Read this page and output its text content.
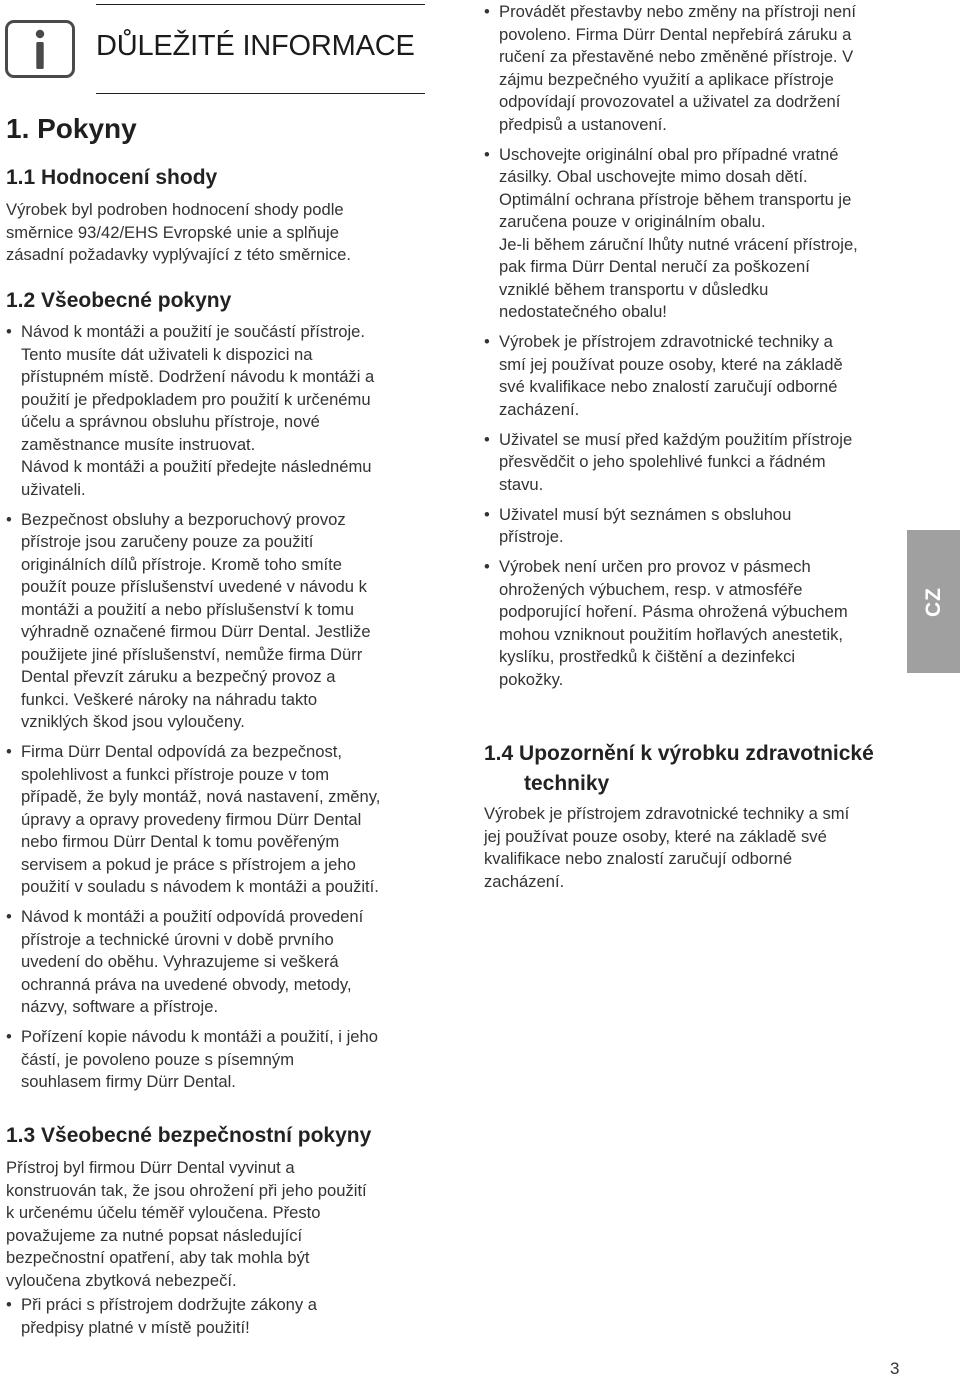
DŮLEŽITÉ INFORMACE
1. Pokyny
1.1 Hodnocení shody

Výrobek byl podroben hodnocení shody podle

směrnice 93/42/EHS Evropské unie a splňuje

zásadní požadavky vyplývající z této směrnice.

1.2 Všeobecné pokyny
• Návod k montáži a použití je součástí přístroje.

Tento musíte dát uživateli k dispozici na

přístupném místě. Dodržení návodu k montáži a

použití je předpokladem pro použití k určenému

účelu a správnou obsluhu přístroje, nové

zaměstnance musíte instruovat.

Návod k montáži a použití předejte následnému

uživateli.

• Bezpečnost obsluhy a bezporuchový provoz

přístroje jsou zaručeny pouze za použití

originálních dílů přístroje. Kromě toho smíte

použít pouze příslušenství uvedené v návodu k

montáži a použití a nebo příslušenství k tomu

výhradně označené firmou Dürr Dental. Jestliže

použijete jiné příslušenství, nemůže firma Dürr

Dental převzít záruku a bezpečný provoz a

funkci. Veškeré nároky na náhradu takto

vzniklých škod jsou vyloučeny.

• Firma Dürr Dental odpovídá za bezpečnost,

spolehlivost a funkci přístroje pouze v tom

případě, že byly montáž, nová nastavení, změny,

úpravy a opravy provedeny firmou Dürr Dental

nebo firmou Dürr Dental k tomu pověřeným

servisem a pokud je práce s přístrojem a jeho

použití v souladu s návodem k montáži a použití.

• Návod k montáži a použití odpovídá provedení

přístroje a technické úrovni v době prvního

uvedení do oběhu. Vyhrazujeme si veškerá

ochranná práva na uvedené obvody, metody,

názvy, software a přístroje.

• Pořízení kopie návodu k montáži a použití, i jeho

částí, je povoleno pouze s písemným

souhlasem firmy Dürr Dental.

1.3 Všeobecné bezpečnostní pokyny

Přístroj byl firmou Dürr Dental vyvinut a

konstruován tak, že jsou ohrožení při jeho použití

k určenému účelu téměř vyloučena. Přesto

považujeme za nutné popsat následující

bezpečnostní opatření, aby tak mohla být

vyloučena zbytková nebezpečí.

• Při práci s přístrojem dodržujte zákony a

předpisy platné v místě použití!

• Provádět přestavby nebo změny na přístroji není

povoleno. Firma Dürr Dental nepřebírá záruku a

ručení za přestavěné nebo změněné přístroje. V

zájmu bezpečného využití a aplikace přístroje

odpovídají provozovatel a uživatel za dodržení

předpisů a ustanovení.

• Uschovejte originální obal pro případné vratné

zásilky. Obal uschovejte mimo dosah dětí.

Optimální ochrana přístroje během transportu je

zaručena pouze v originálním obalu.

Je-li během záruční lhůty nutné vrácení přístroje,

pak firma Dürr Dental neručí za poškození

vzniklé během transportu v důsledku

nedostatečného obalu!

• Výrobek je přístrojem zdravotnické techniky a

smí jej používat pouze osoby, které na základě

své kvalifikace nebo znalostí zaručují odborné

zacházení.

• Uživatel se musí před každým použitím přístroje

přesvědčit o jeho spolehlivé funkci a řádném

stavu.

• Uživatel musí být seznámen s obsluhou

přístroje.

• Výrobek není určen pro provoz v pásmech

ohrožených výbuchem, resp. v atmosféře

podporující hoření. Pásma ohrožená výbuchem

mohou vzniknout použitím hořlavých anestetik,

kyslíku, prostředků k čištění a dezinfekci

pokožky.

1.4 Upozornění k výrobku zdravotnické
techniky

Výrobek je přístrojem zdravotnické techniky a smí

jej používat pouze osoby, které na základě své

kvalifikace nebo znalostí zaručují odborné

zacházení.

CZ
3
